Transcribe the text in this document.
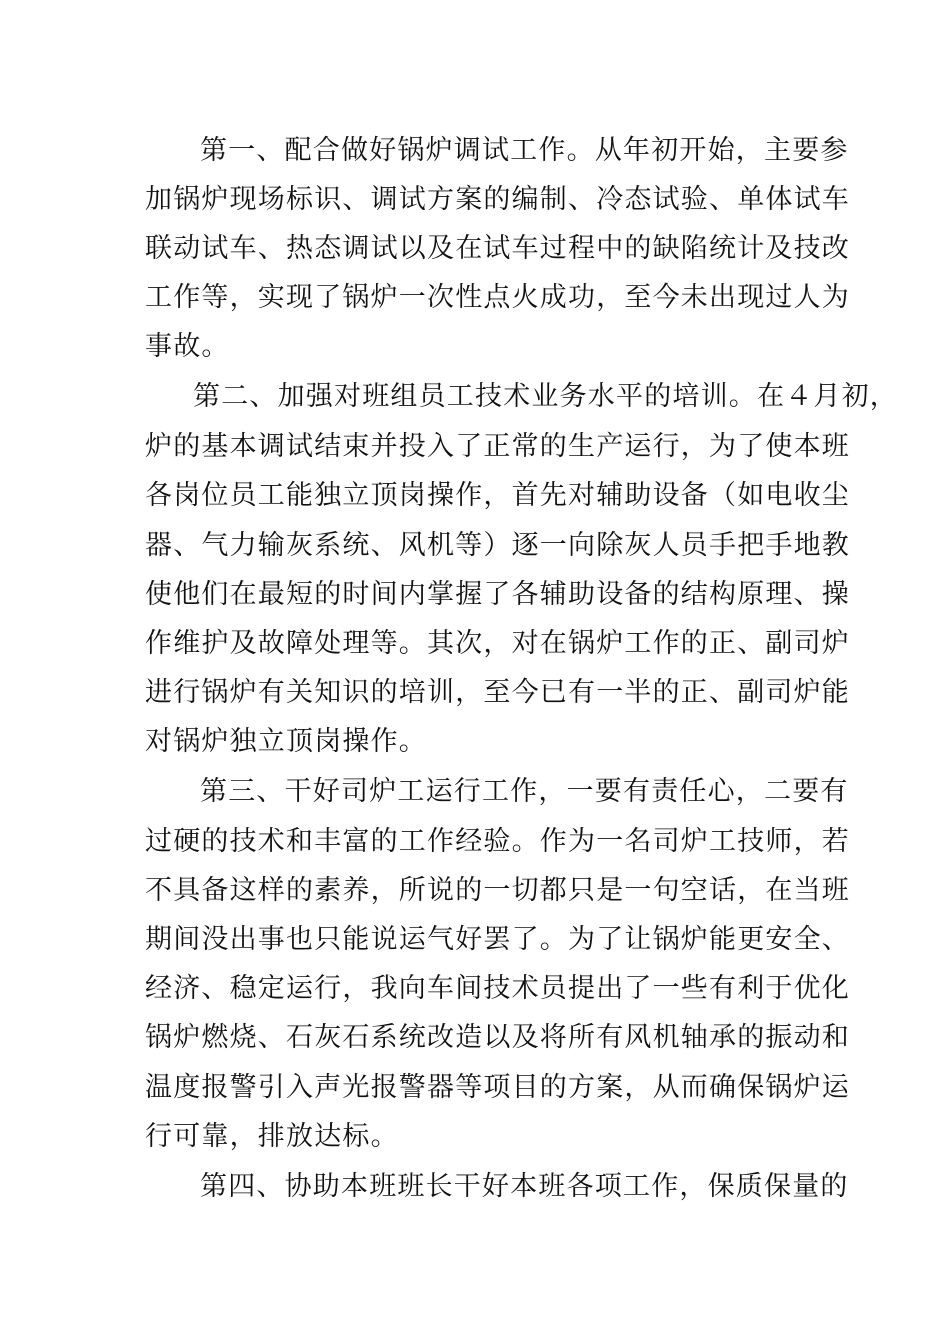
第一、配合做好锅炉调试工作。从年初开始，主要参
加锅炉现场标识、调试方案的编制、冷态试验、单体试车
联动试车、热态调试以及在试车过程中的缺陷统计及技改
工作等，实现了锅炉一次性点火成功，至今未出现过人为
事故。
第二、加强对班组员工技术业务水平的培训。在４月初，
炉的基本调试结束并投入了正常的生产运行，为了使本班
各岗位员工能独立顶岗操作，首先对辅助设备（如电收尘
器、气力输灰系统、风机等）逐一向除灰人员手把手地教
使他们在最短的时间内掌握了各辅助设备的结构原理、操
作维护及故障处理等。其次，对在锅炉工作的正、副司炉
进行锅炉有关知识的培训，至今已有一半的正、副司炉能
对锅炉独立顶岗操作。
第三、干好司炉工运行工作，一要有责任心，二要有
过硬的技术和丰富的工作经验。作为一名司炉工技师，若
不具备这样的素养，所说的一切都只是一句空话，在当班
期间没出事也只能说运气好罢了。为了让锅炉能更安全、
经济、稳定运行，我向车间技术员提出了一些有利于优化
锅炉燃烧、石灰石系统改造以及将所有风机轴承的振动和
温度报警引入声光报警器等项目的方案，从而确保锅炉运
行可靠，排放达标。
第四、协助本班班长干好本班各项工作，保质保量的
